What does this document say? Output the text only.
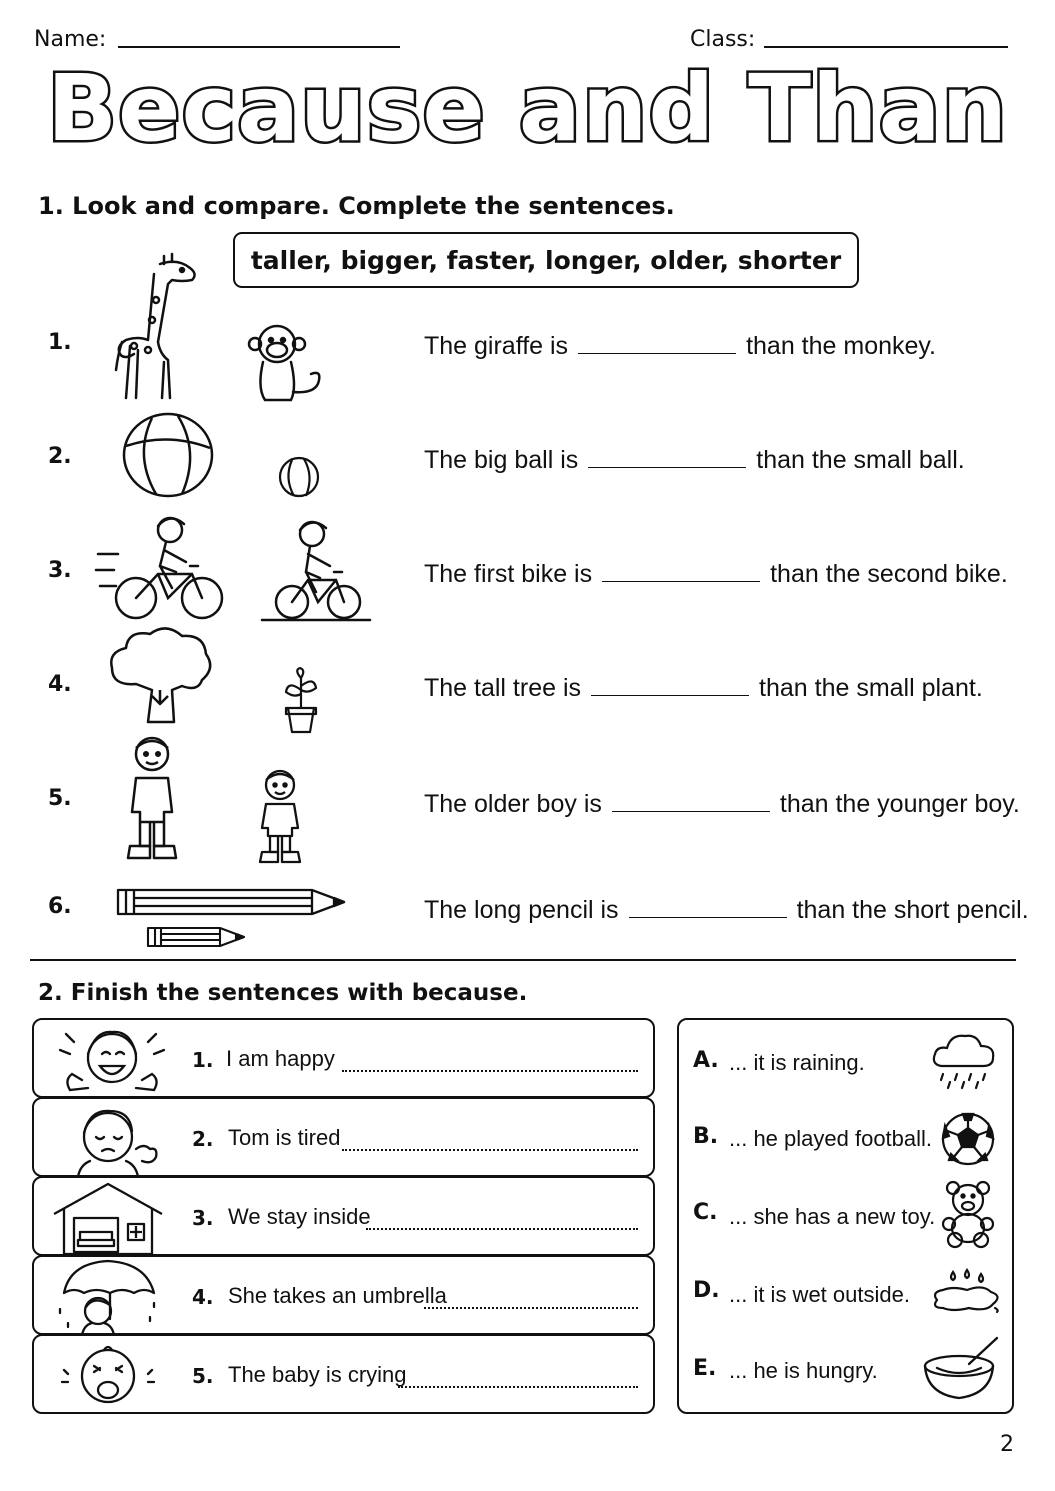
Name:	Class:
Because and Than
1. Look and compare. Complete the sentences.
taller, bigger, faster, longer, older, shorter
1.	The giraffe is	than the monkey.
2.	The big ball is	than the small ball.
3.	The first bike is	than the second bike.
4.	The tall tree is	than the small plant.
5.	The older boy is	than the younger boy.
6.	The long pencil is	than the short pencil.
2. Finish the sentences with because.
1. I am happy
2. Tom is tired
3. We stay inside
4. She takes an umbrella
5. The baby is crying
A. ... it is raining.
B. ... he played football.
C. ... she has a new toy.
D. ... it is wet outside.
E. ... he is hungry.
2
